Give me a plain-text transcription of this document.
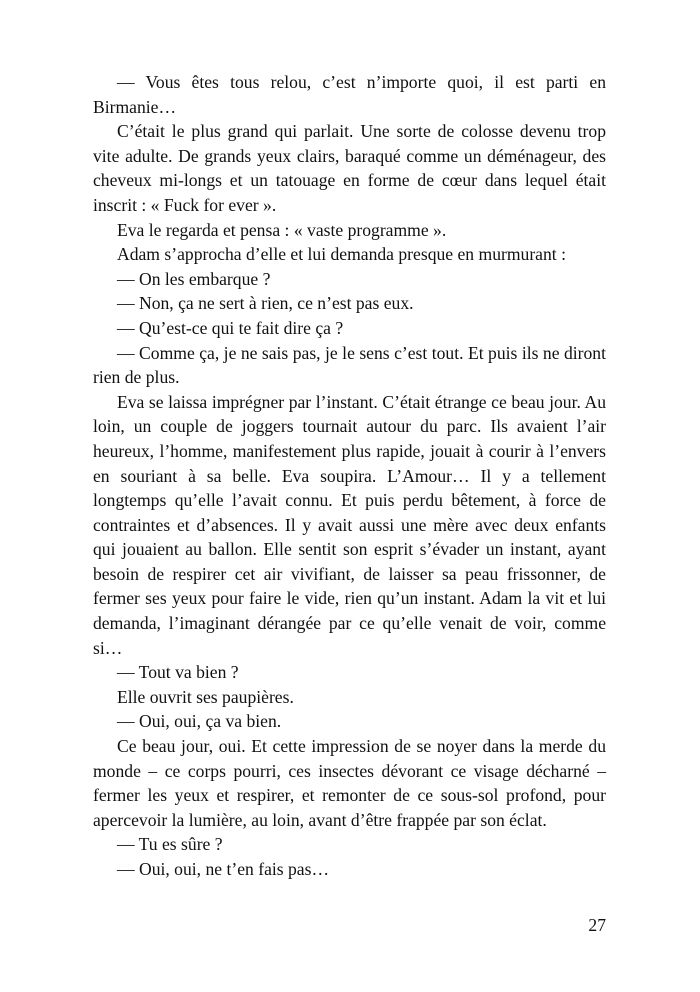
— Vous êtes tous relou, c’est n’importe quoi, il est parti en Birmanie…

C’était le plus grand qui parlait. Une sorte de colosse devenu trop vite adulte. De grands yeux clairs, baraqué comme un déménageur, des cheveux mi-longs et un tatouage en forme de cœur dans lequel était inscrit : « Fuck for ever ».

Eva le regarda et pensa : « vaste programme ».

Adam s’approcha d’elle et lui demanda presque en murmurant :

— On les embarque ?

— Non, ça ne sert à rien, ce n’est pas eux.

— Qu’est-ce qui te fait dire ça ?

— Comme ça, je ne sais pas, je le sens c’est tout. Et puis ils ne diront rien de plus.

Eva se laissa imprégner par l’instant. C’était étrange ce beau jour. Au loin, un couple de joggers tournait autour du parc. Ils avaient l’air heureux, l’homme, manifestement plus rapide, jouait à courir à l’envers en souriant à sa belle. Eva soupira. L’Amour… Il y a tellement longtemps qu’elle l’avait connu. Et puis perdu bêtement, à force de contraintes et d’absences. Il y avait aussi une mère avec deux enfants qui jouaient au ballon. Elle sentit son esprit s’évader un instant, ayant besoin de respirer cet air vivifiant, de laisser sa peau frissonner, de fermer ses yeux pour faire le vide, rien qu’un instant. Adam la vit et lui demanda, l’imaginant dérangée par ce qu’elle venait de voir, comme si…

— Tout va bien ?

Elle ouvrit ses paupières.

— Oui, oui, ça va bien.

Ce beau jour, oui. Et cette impression de se noyer dans la merde du monde – ce corps pourri, ces insectes dévorant ce visage décharné – fermer les yeux et respirer, et remonter de ce sous-sol profond, pour apercevoir la lumière, au loin, avant d’être frappée par son éclat.

— Tu es sûre ?

— Oui, oui, ne t’en fais pas…

27
